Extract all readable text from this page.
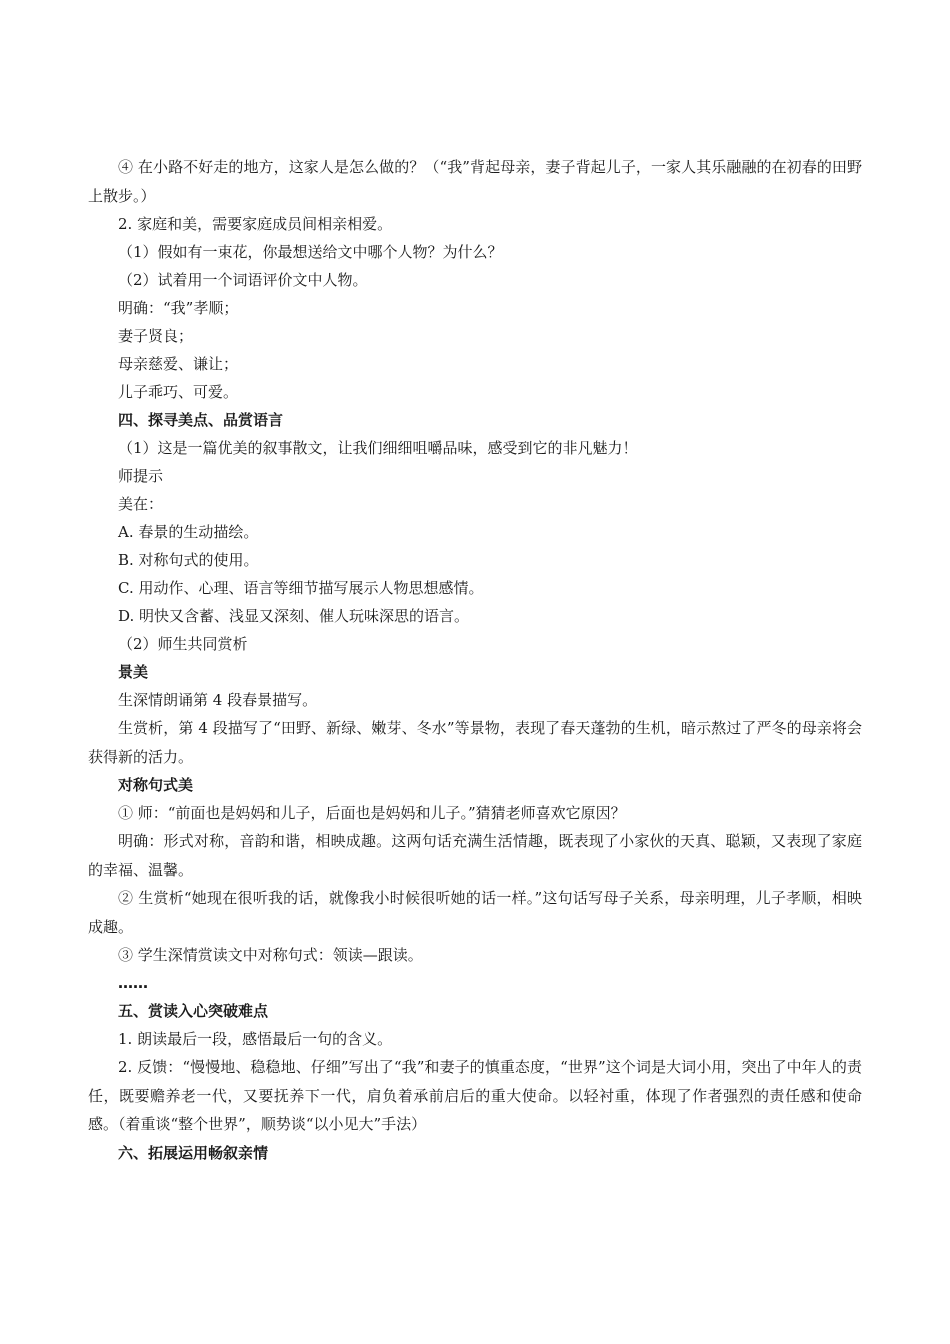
④ 在小路不好走的地方，这家人是怎么做的？（“我”背起母亲，妻子背起儿子，一家人其乐融融的在初春的田野上散步。）
2. 家庭和美，需要家庭成员间相亲相爱。
（1）假如有一束花，你最想送给文中哪个人物？为什么？
（2）试着用一个词语评价文中人物。
明确：“我”孝顺；
妻子贤良；
母亲慈爱、谦让；
儿子乖巧、可爱。
四、探寻美点、品赏语言
（1）这是一篇优美的叙事散文，让我们细细咀嚼品味，感受到它的非凡魅力！
师提示
美在：
A. 春景的生动描绘。
B. 对称句式的使用。
C. 用动作、心理、语言等细节描写展示人物思想感情。
D. 明快又含蓄、浅显又深刻、催人玩味深思的语言。
（2）师生共同赏析
景美
生深情朗诵第 4 段春景描写。
生赏析，第 4 段描写了“田野、新绿、嫩芽、冬水”等景物，表现了春天蓬勃的生机，暗示熬过了严冬的母亲将会获得新的活力。
对称句式美
① 师：“前面也是妈妈和儿子，后面也是妈妈和儿子。”猜猜老师喜欢它原因？
明确：形式对称，音韵和谐，相映成趣。这两句话充满生活情趣，既表现了小家伙的天真、聪颖，又表现了家庭的幸福、温馨。
② 生赏析“她现在很听我的话，就像我小时候很听她的话一样。”这句话写母子关系，母亲明理，儿子孝顺，相映成趣。
③ 学生深情赏读文中对称句式：领读—跟读。
……
五、赏读入心突破难点
1. 朗读最后一段，感悟最后一句的含义。
2. 反馈：“慢慢地、稳稳地、仔细”写出了“我”和妻子的慎重态度，“世界”这个词是大词小用，突出了中年人的责任，既要赡养老一代，又要抚养下一代，肩负着承前启后的重大使命。以轻衬重，体现了作者强烈的责任感和使命感。（着重谈“整个世界”，顺势谈“以小见大”手法）
六、拓展运用畅叙亲情
